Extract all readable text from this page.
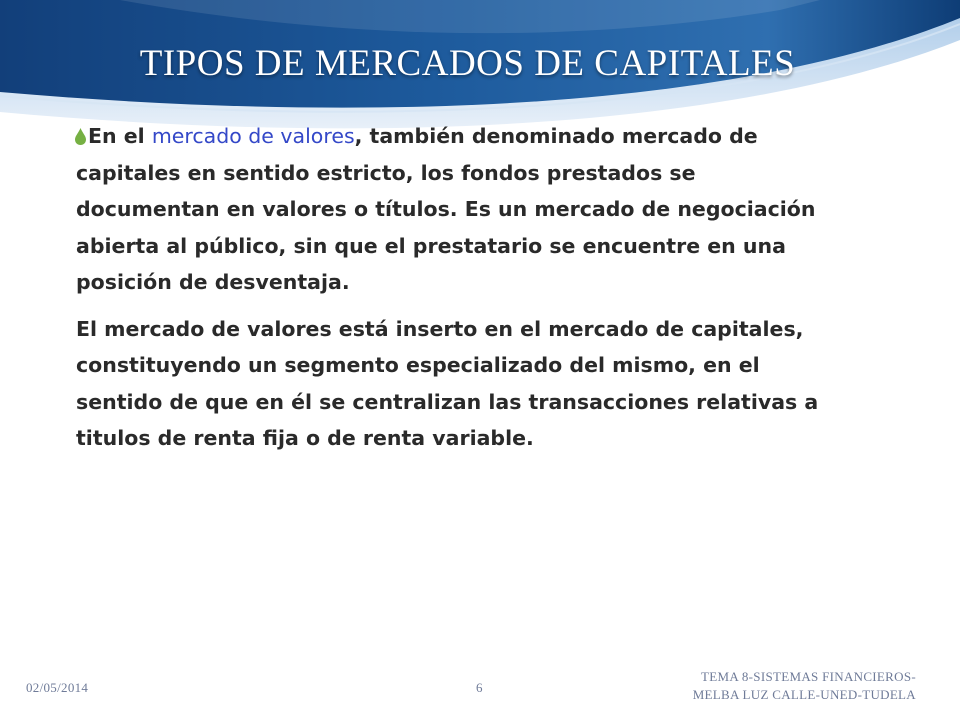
TIPOS DE MERCADOS DE CAPITALES

En el mercado de valores, también denominado mercado de capitales en sentido estricto, los fondos prestados se documentan en valores o títulos. Es un mercado de negociación abierta al público, sin que el prestatario se encuentre en una posición de desventaja.

El mercado de valores está inserto en el mercado de capitales, constituyendo un segmento especializado del mismo, en el sentido de que en él se centralizan las transacciones relativas a titulos de renta fija o de renta variable.

02/05/2014	6
TEMA 8-SISTEMAS FINANCIEROS-
MELBA LUZ CALLE-UNED-TUDELA
